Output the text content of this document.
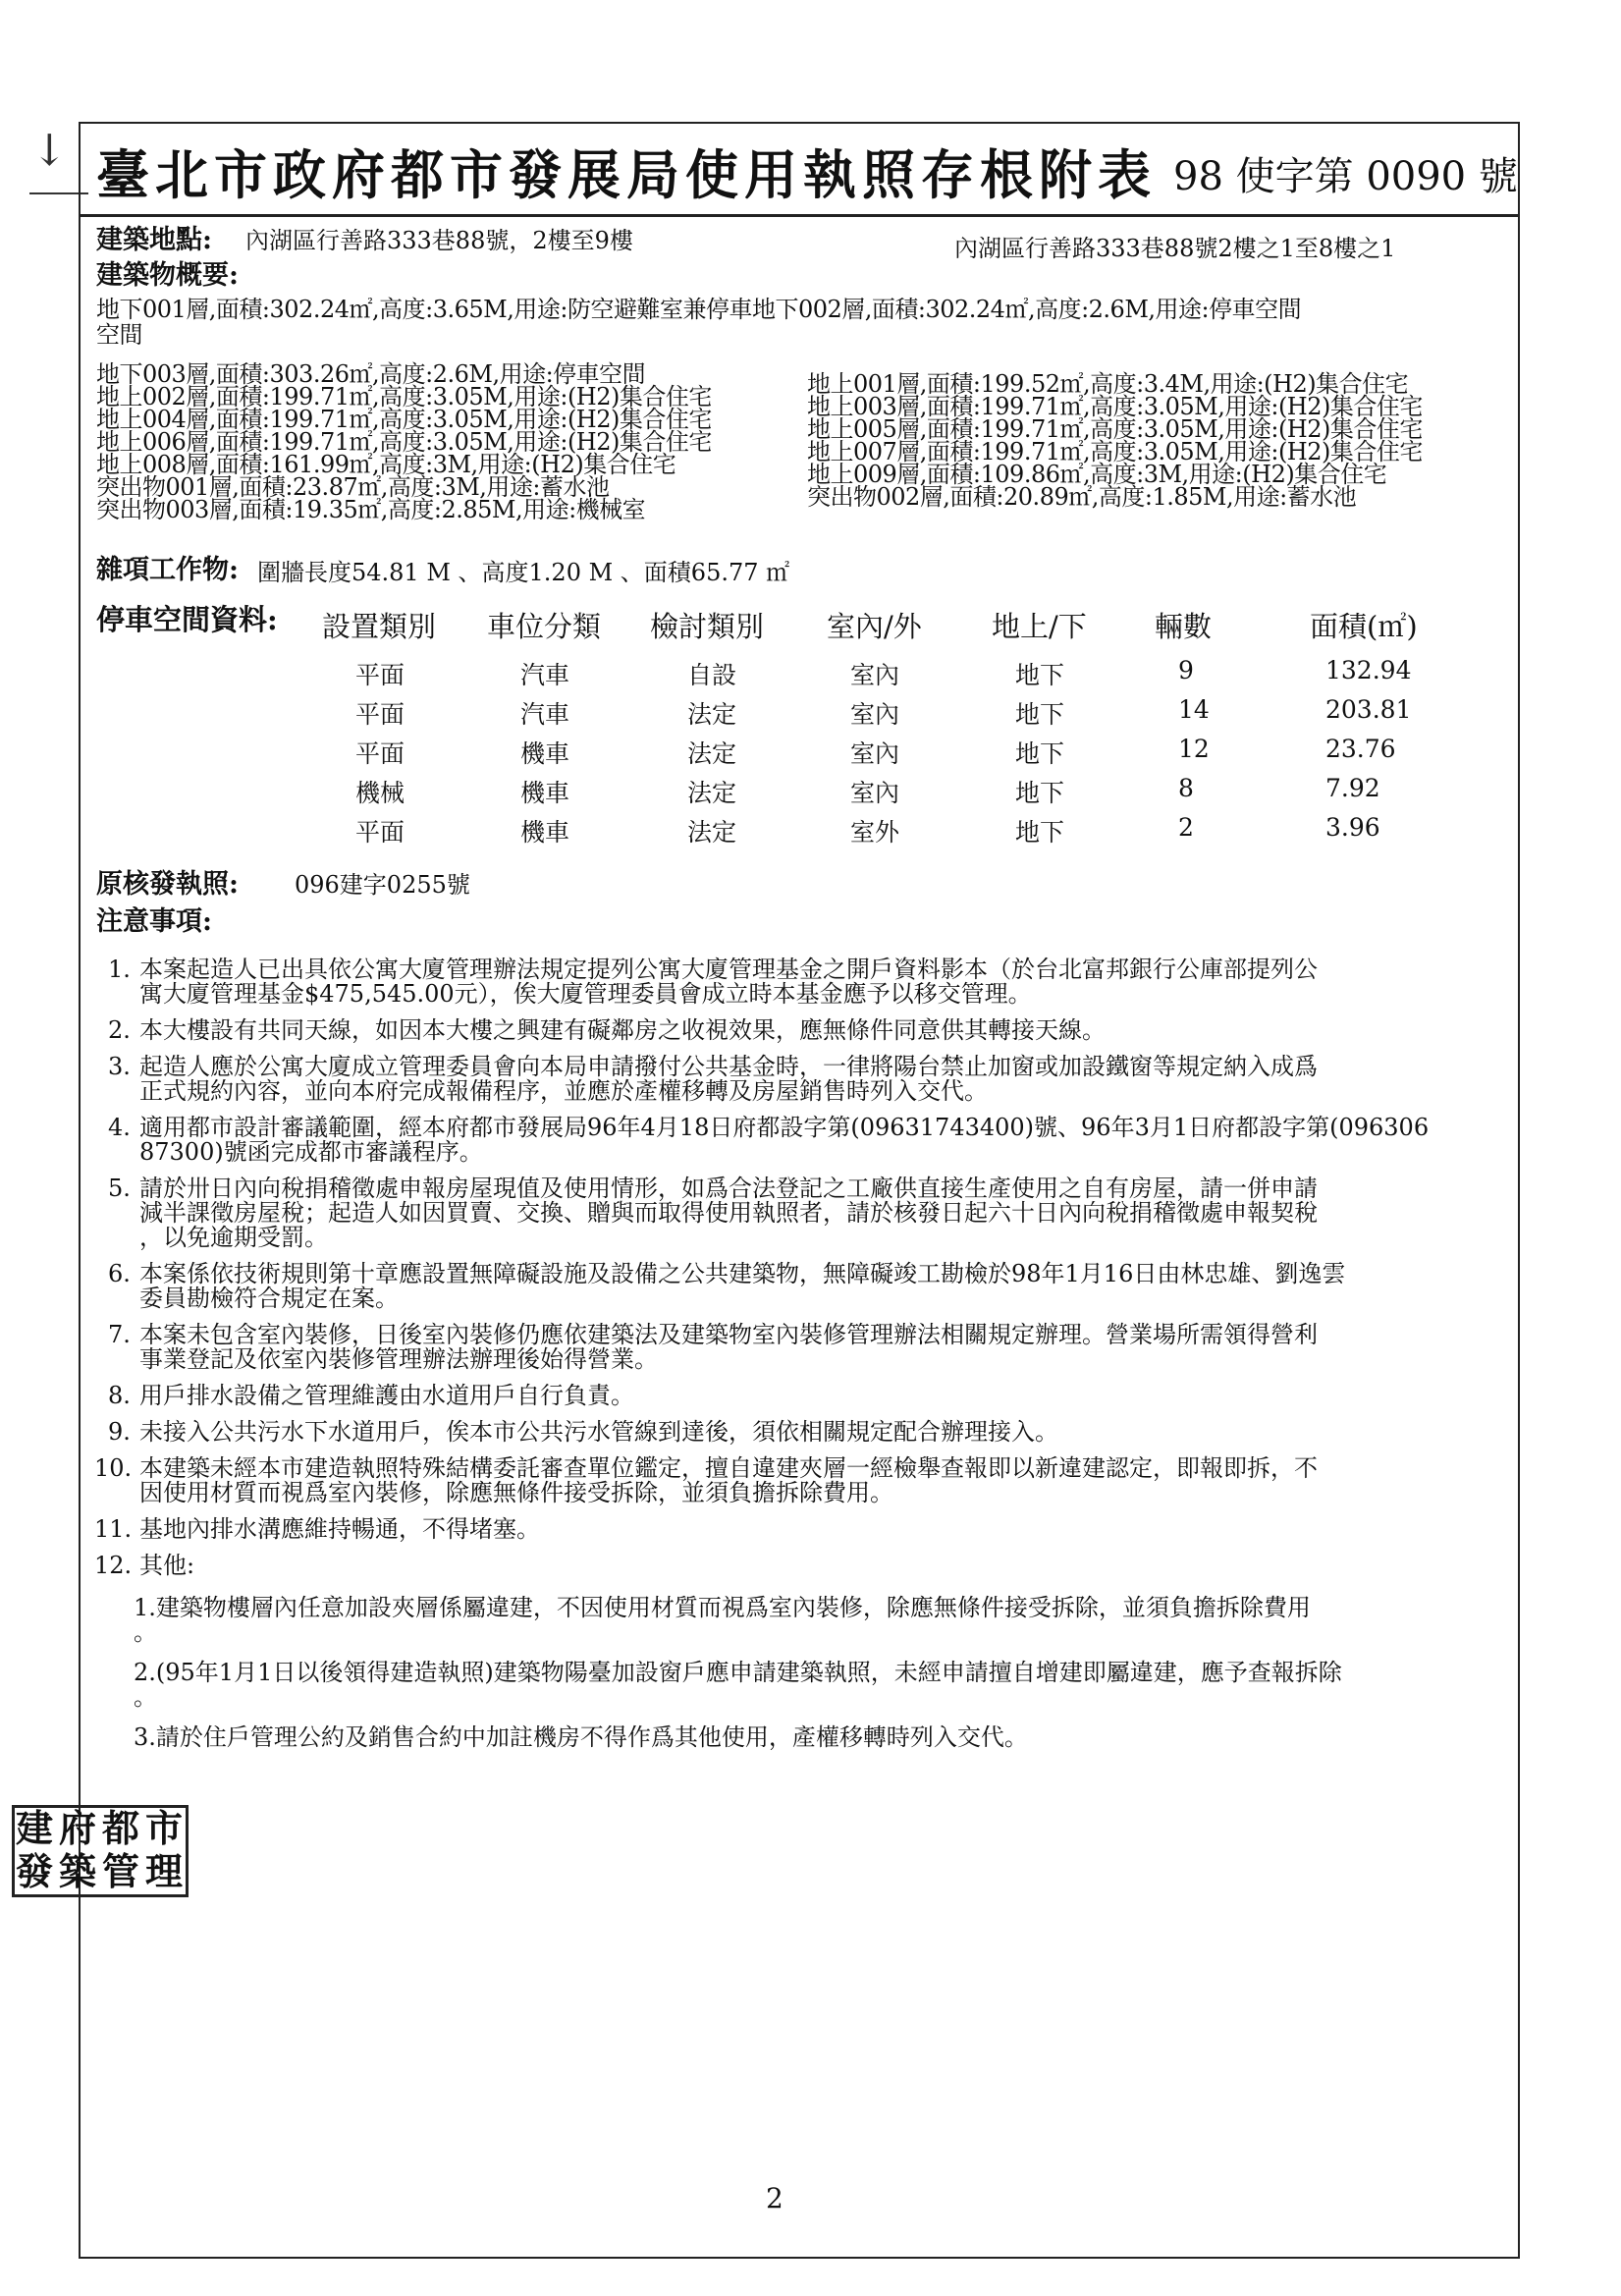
↓ 臺北市政府都市發展局使用執照存根附表 98 使字第 0090 號
建築地點: 內湖區行善路333巷88號，2樓至9樓	內湖區行善路333巷88號2樓之1至8樓之1
建築物概要:
地下001層,面積:302.24㎡,高度:3.65M,用途:防空避難室兼停車地下002層,面積:302.24㎡,高度:2.6M,用途:停車空間
空間
地下003層,面積:303.26㎡,高度:2.6M,用途:停車空間
地上002層,面積:199.71㎡,高度:3.05M,用途:(H2)集合住宅
地上004層,面積:199.71㎡,高度:3.05M,用途:(H2)集合住宅
地上006層,面積:199.71㎡,高度:3.05M,用途:(H2)集合住宅
地上008層,面積:161.99㎡,高度:3M,用途:(H2)集合住宅
突出物001層,面積:23.87㎡,高度:3M,用途:蓄水池
突出物003層,面積:19.35㎡,高度:2.85M,用途:機械室
地上001層,面積:199.52㎡,高度:3.4M,用途:(H2)集合住宅
地上003層,面積:199.71㎡,高度:3.05M,用途:(H2)集合住宅
地上005層,面積:199.71㎡,高度:3.05M,用途:(H2)集合住宅
地上007層,面積:199.71㎡,高度:3.05M,用途:(H2)集合住宅
地上009層,面積:109.86㎡,高度:3M,用途:(H2)集合住宅
突出物002層,面積:20.89㎡,高度:1.85M,用途:蓄水池
雜項工作物: 圍牆長度54.81 M 、高度1.20 M 、面積65.77 ㎡
停車空間資料: 設置類別 車位分類 檢討類別 室內/外 地上/下 輛數	面積(㎡)
平面	汽車	自設	室內	地下	9	132.94
平面	汽車	法定	室內	地下	14	203.81
平面	機車	法定	室內	地下	12	23.76
機械	機車	法定	室內	地下	8	7.92
平面	機車	法定	室外	地下	2	3.96
原核發執照: 096建字0255號
注意事項:
1. 本案起造人已出具依公寓大廈管理辦法規定提列公寓大廈管理基金之開戶資料影本（於台北富邦銀行公庫部提列公
寓大廈管理基金$475,545.00元），俟大廈管理委員會成立時本基金應予以移交管理。
2. 本大樓設有共同天線，如因本大樓之興建有礙鄰房之收視效果，應無條件同意供其轉接天線。
3. 起造人應於公寓大廈成立管理委員會向本局申請撥付公共基金時，一律將陽台禁止加窗或加設鐵窗等規定納入成爲
正式規約內容，並向本府完成報備程序，並應於產權移轉及房屋銷售時列入交代。
4. 適用都市設計審議範圍，經本府都市發展局96年4月18日府都設字第(09631743400)號、96年3月1日府都設字第(096306
87300)號函完成都市審議程序。
5. 請於卅日內向稅捐稽徵處申報房屋現值及使用情形，如爲合法登記之工廠供直接生產使用之自有房屋，請一併申請
減半課徵房屋稅；起造人如因買賣、交換、贈與而取得使用執照者，請於核發日起六十日內向稅捐稽徵處申報契稅
，以免逾期受罰。
6. 本案係依技術規則第十章應設置無障礙設施及設備之公共建築物，無障礙竣工勘檢於98年1月16日由林忠雄、劉逸雲
委員勘檢符合規定在案。
7. 本案未包含室內裝修，日後室內裝修仍應依建築法及建築物室內裝修管理辦法相關規定辦理。營業場所需領得營利
事業登記及依室內裝修管理辦法辦理後始得營業。
8. 用戶排水設備之管理維護由水道用戶自行負責。
9. 未接入公共污水下水道用戶，俟本市公共污水管線到達後，須依相關規定配合辦理接入。
10. 本建築未經本市建造執照特殊結構委託審查單位鑑定，擅自違建夾層一經檢舉查報即以新違建認定，即報即拆，不
因使用材質而視爲室內裝修，除應無條件接受拆除，並須負擔拆除費用。
11. 基地內排水溝應維持暢通，不得堵塞。
12. 其他:
1.建築物樓層內任意加設夾層係屬違建，不因使用材質而視爲室內裝修，除應無條件接受拆除，並須負擔拆除費用
。
2.(95年1月1日以後領得建造執照)建築物陽臺加設窗戶應申請建築執照，未經申請擅自增建即屬違建，應予查報拆除
。
3.請於住戶管理公約及銷售合約中加註機房不得作爲其他使用，產權移轉時列入交代。
建 府 都 市
發 築 管 理
2
